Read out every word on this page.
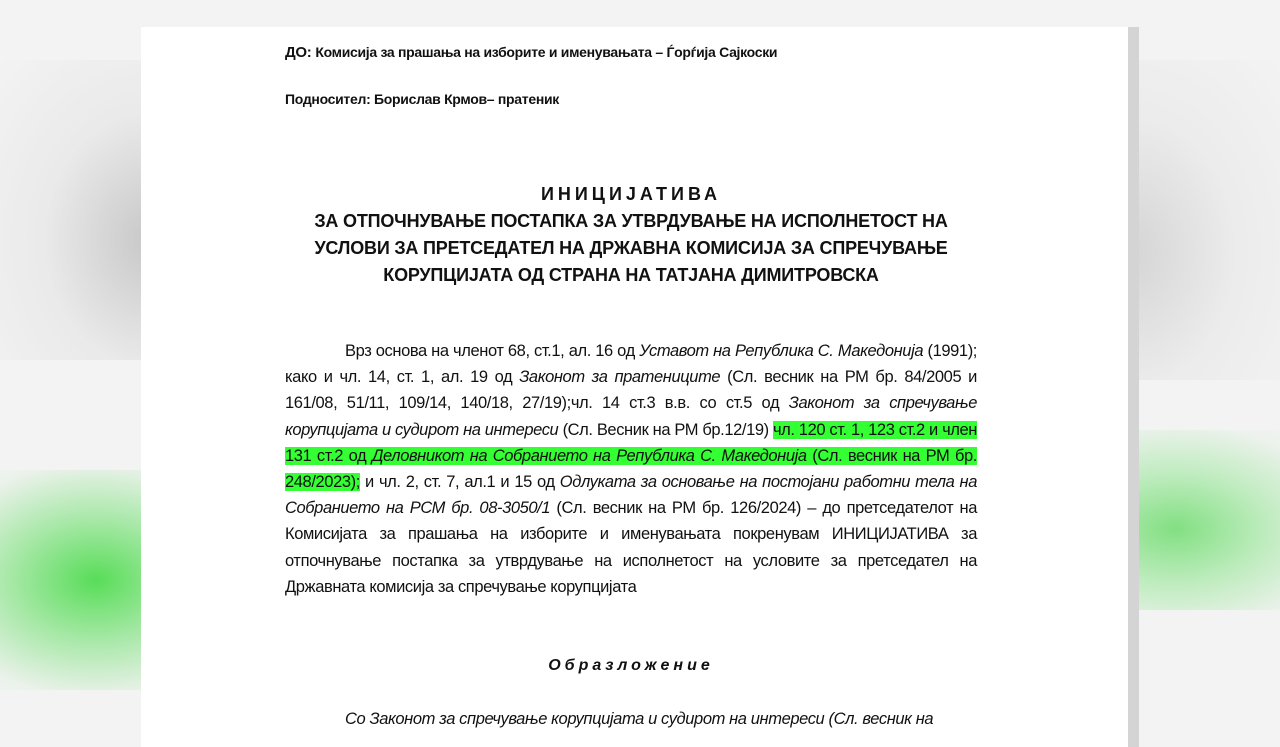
ДО: Комисија за прашања на изборите и именувањата – Ѓорѓија Сајкоски
Подносител: Борислав Крмов– пратеник
ИНИЦИЈАТИВА
ЗА ОТПОЧНУВАЊЕ ПОСТАПКА ЗА УТВРДУВАЊЕ НА ИСПОЛНЕТОСТ НА
УСЛОВИ ЗА ПРЕТСЕДАТЕЛ НА ДРЖАВНА КОМИСИЈА ЗА СПРЕЧУВАЊЕ
КОРУПЦИЈАТА ОД СТРАНА НА ТАТЈАНА ДИМИТРОВСКА
Врз основа на членот 68, ст.1, ал. 16 од Уставот на Република С. Македонија (1991); како и чл. 14, ст. 1, ал. 19 од Законот за пратениците (Сл. весник на РМ бр. 84/2005 и 161/08, 51/11, 109/14, 140/18, 27/19);чл. 14 ст.3 в.в. со ст.5 од Законот за спречување корупцијата и судирот на интереси (Сл. Весник на РМ бр.12/19) чл. 120 ст. 1, 123 ст.2 и член 131 ст.2 од Деловникот на Собранието на Република С. Македонија (Сл. весник на РМ бр. 248/2023); и чл. 2, ст. 7, ал.1 и 15 од Одлуката за основање на постојани работни тела на Собранието на РСМ бр. 08-3050/1 (Сл. весник на РМ бр. 126/2024) – до претседателот на Комисијата за прашања на изборите и именувањата покренувам ИНИЦИЈАТИВА за отпочнување постапка за утврдување на исполнетост на условите за претседател на Државната комисија за спречување корупцијата
Образложение
Со Законот за спречување корупцијата и судирот на интереси (Сл. весник на
